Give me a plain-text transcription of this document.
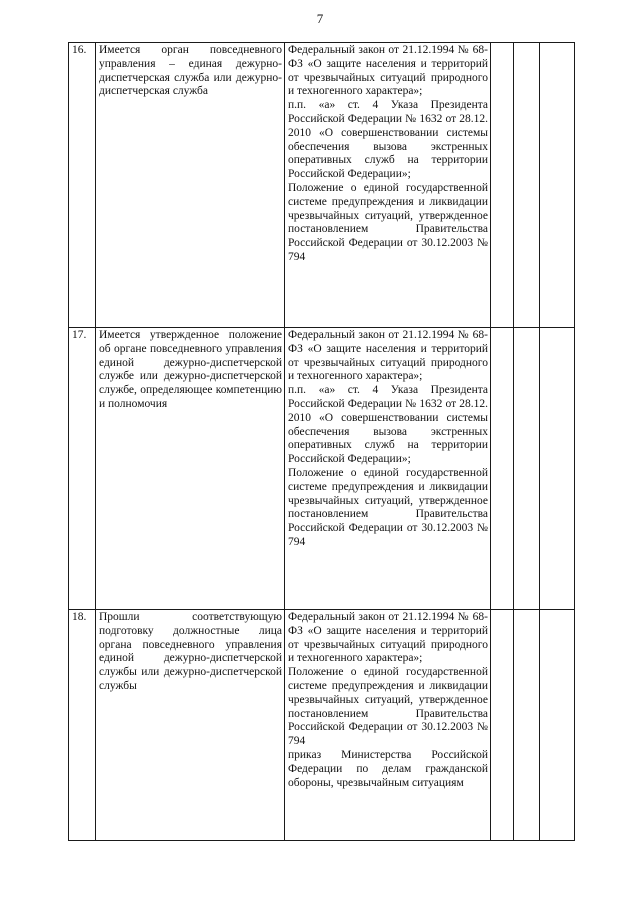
7
16.	Имеется орган повседневного управления – единая дежурно-диспетчерская служба или дежурно-диспетчерская служба	Федеральный закон от 21.12.1994 № 68-ФЗ «О защите населения и территорий от чрезвычайных ситуаций природного и техногенного характера»;
п.п. «а» ст. 4 Указа Президента Российской Федерации № 1632 от 28.12. 2010 «О совершенствовании системы обеспечения вызова экстренных оперативных служб на территории Российской Федерации»;
Положение о единой государственной системе предупреждения и ликвидации чрезвычайных ситуаций, утвержденное постановлением Правительства Российской Федерации от 30.12.2003 № 794			

17.	Имеется утвержденное положение об органе повседневного управления единой дежурно-диспетчерской службе или дежурно-диспетчерской службе, определяющее компетенцию и полномочия	Федеральный закон от 21.12.1994 № 68-ФЗ «О защите населения и территорий от чрезвычайных ситуаций природного и техногенного характера»;
п.п. «а» ст. 4 Указа Президента Российской Федерации № 1632 от 28.12. 2010 «О совершенствовании системы обеспечения вызова экстренных оперативных служб на территории Российской Федерации»;
Положение о единой государственной системе предупреждения и ликвидации чрезвычайных ситуаций, утвержденное постановлением Правительства Российской Федерации от 30.12.2003 № 794			

18.	Прошли соответствующую подготовку должностные лица органа повседневного управления единой дежурно-диспетчерской службы или дежурно-диспетчерской службы	Федеральный закон от 21.12.1994 № 68-ФЗ «О защите населения и территорий от чрезвычайных ситуаций природного и техногенного характера»;
Положение о единой государственной системе предупреждения и ликвидации чрезвычайных ситуаций, утвержденное постановлением Правительства Российской Федерации от 30.12.2003 № 794
приказ Министерства Российской Федерации по делам гражданской обороны, чрезвычайным ситуациям			
